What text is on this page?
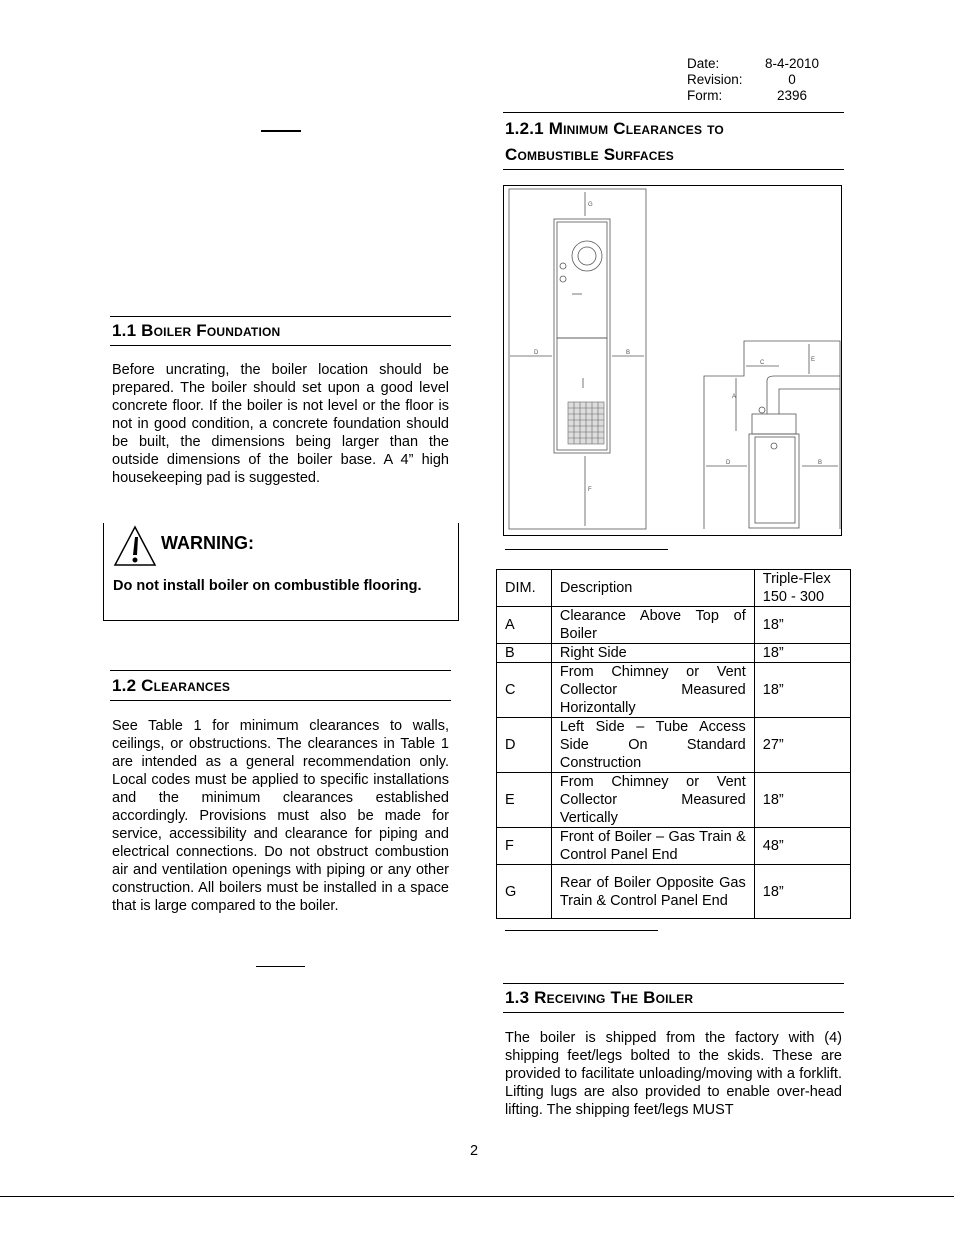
Date:	8-4-2010
Revision:	0
Form:	2396
1.1 Boiler Foundation
Before uncrating, the boiler location should be prepared. The boiler should set upon a good level concrete floor. If the boiler is not level or the floor is not in good condition, a concrete foundation should be built, the dimensions being larger than the outside dimensions of the boiler base. A 4” high housekeeping pad is suggested.
WARNING:
Do not install boiler on combustible flooring.
1.2 Clearances
See Table 1 for minimum clearances to walls, ceilings, or obstructions. The clearances in Table 1 are intended as a general recommendation only. Local codes must be applied to specific installations and the minimum clearances established accordingly. Provisions must also be made for service, accessibility and clearance for piping and electrical connections. Do not obstruct combustion air and ventilation openings with piping or any other construction. All boilers must be installed in a space that is large compared to the boiler.
1.2.1 Minimum Clearances to
Combustible Surfaces
G
D	B
F
C	E
A
D	B
DIM.	Description	Triple-Flex 150 - 300
A	Clearance Above Top of Boiler	18”
B	Right Side	18”
C	From Chimney or Vent Collector Measured Horizontally	18”
D	Left Side – Tube Access Side On Standard Construction	27”
E	From Chimney or Vent Collector Measured Vertically	18”
F	Front of Boiler – Gas Train & Control Panel End	48”
G	Rear of Boiler Opposite Gas Train & Control Panel End	18”
1.3 Receiving The Boiler
The boiler is shipped from the factory with (4) shipping feet/legs bolted to the skids. These are provided to facilitate unloading/moving with a forklift. Lifting lugs are also provided to enable over-head lifting. The shipping feet/legs MUST
2
